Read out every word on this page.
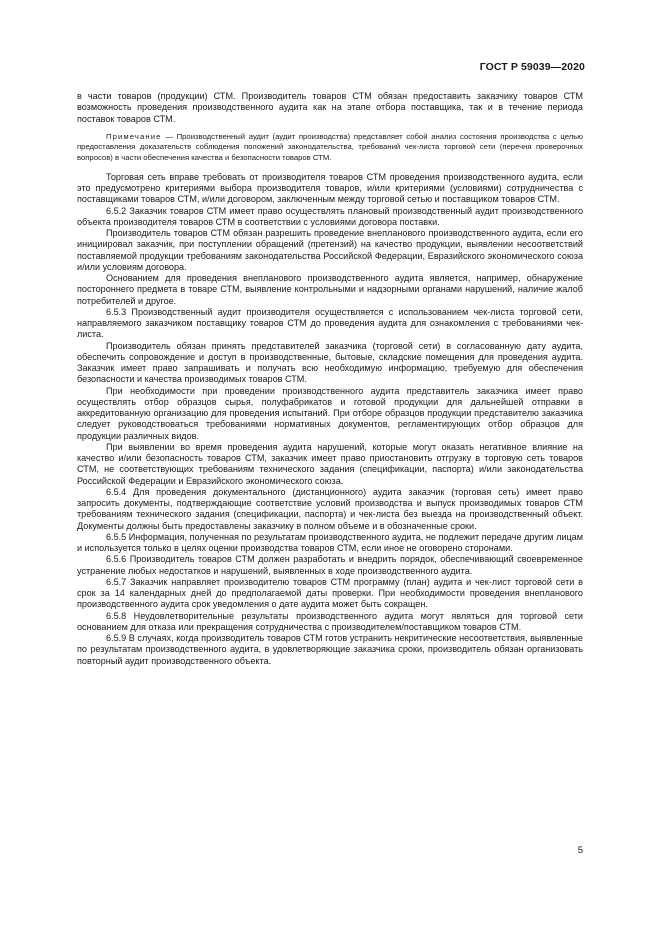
ГОСТ Р 59039—2020

в части товаров (продукции) СТМ. Производитель товаров СТМ обязан предоставить заказчику товаров СТМ возможность проведения производственного аудита как на этапе отбора поставщика, так и в течение периода поставок товаров СТМ.

Примечание — Производственный аудит (аудит производства) представляет собой анализ состояния производства с целью предоставления доказательств соблюдения положений законодательства, требований чек-листа торговой сети (перечня проверочных вопросов) в части обеспечения качества и безопасности товаров СТМ.

Торговая сеть вправе требовать от производителя товаров СТМ проведения производственного аудита, если это предусмотрено критериями выбора производителя товаров, и/или критериями (условиями) сотрудничества с поставщиками товаров СТМ, и/или договором, заключенным между торговой сетью и поставщиком товаров СТМ.

6.5.2 Заказчик товаров СТМ имеет право осуществлять плановый производственный аудит производственного объекта производителя товаров СТМ в соответствии с условиями договора поставки.

Производитель товаров СТМ обязан разрешить проведение внепланового производственного аудита, если его инициировал заказчик, при поступлении обращений (претензий) на качество продукции, выявлении несоответствий поставляемой продукции требованиям законодательства Российской Федерации, Евразийского экономического союза и/или условиям договора.

Основанием для проведения внепланового производственного аудита является, например, обнаружение постороннего предмета в товаре СТМ, выявление контрольными и надзорными органами нарушений, наличие жалоб потребителей и другое.

6.5.3 Производственный аудит производителя осуществляется с использованием чек-листа торговой сети, направляемого заказчиком поставщику товаров СТМ до проведения аудита для ознакомления с требованиями чек-листа.

Производитель обязан принять представителей заказчика (торговой сети) в согласованную дату аудита, обеспечить сопровождение и доступ в производственные, бытовые, складские помещения для проведения аудита. Заказчик имеет право запрашивать и получать всю необходимую информацию, требуемую для обеспечения безопасности и качества производимых товаров СТМ.

При необходимости при проведении производственного аудита представитель заказчика имеет право осуществлять отбор образцов сырья, полуфабрикатов и готовой продукции для дальнейшей отправки в аккредитованную организацию для проведения испытаний. При отборе образцов продукции представителю заказчика следует руководствоваться требованиями нормативных документов, регламентирующих отбор образцов для продукции различных видов.

При выявлении во время проведения аудита нарушений, которые могут оказать негативное влияние на качество и/или безопасность товаров СТМ, заказчик имеет право приостановить отгрузку в торговую сеть товаров СТМ, не соответствующих требованиям технического задания (спецификации, паспорта) и/или законодательства Российской Федерации и Евразийского экономического союза.

6.5.4 Для проведения документального (дистанционного) аудита заказчик (торговая сеть) имеет право запросить документы, подтверждающие соответствие условий производства и выпуск производимых товаров СТМ требованиям технического задания (спецификации, паспорта) и чек-листа без выезда на производственный объект. Документы должны быть предоставлены заказчику в полном объеме и в обозначенные сроки.

6.5.5 Информация, полученная по результатам производственного аудита, не подлежит передаче другим лицам и используется только в целях оценки производства товаров СТМ, если иное не оговорено сторонами.

6.5.6 Производитель товаров СТМ должен разработать и внедрить порядок, обеспечивающий своевременное устранение любых недостатков и нарушений, выявленных в ходе производственного аудита.

6.5.7 Заказчик направляет производителю товаров СТМ программу (план) аудита и чек-лист торговой сети в срок за 14 календарных дней до предполагаемой даты проверки. При необходимости проведения внепланового производственного аудита срок уведомления о дате аудита может быть сокращен.

6.5.8 Неудовлетворительные результаты производственного аудита могут являться для торговой сети основанием для отказа или прекращения сотрудничества с производителем/поставщиком товаров СТМ.

6.5.9 В случаях, когда производитель товаров СТМ готов устранить некритические несоответствия, выявленные по результатам производственного аудита, в удовлетворяющие заказчика сроки, производитель обязан организовать повторный аудит производственного объекта.

5
